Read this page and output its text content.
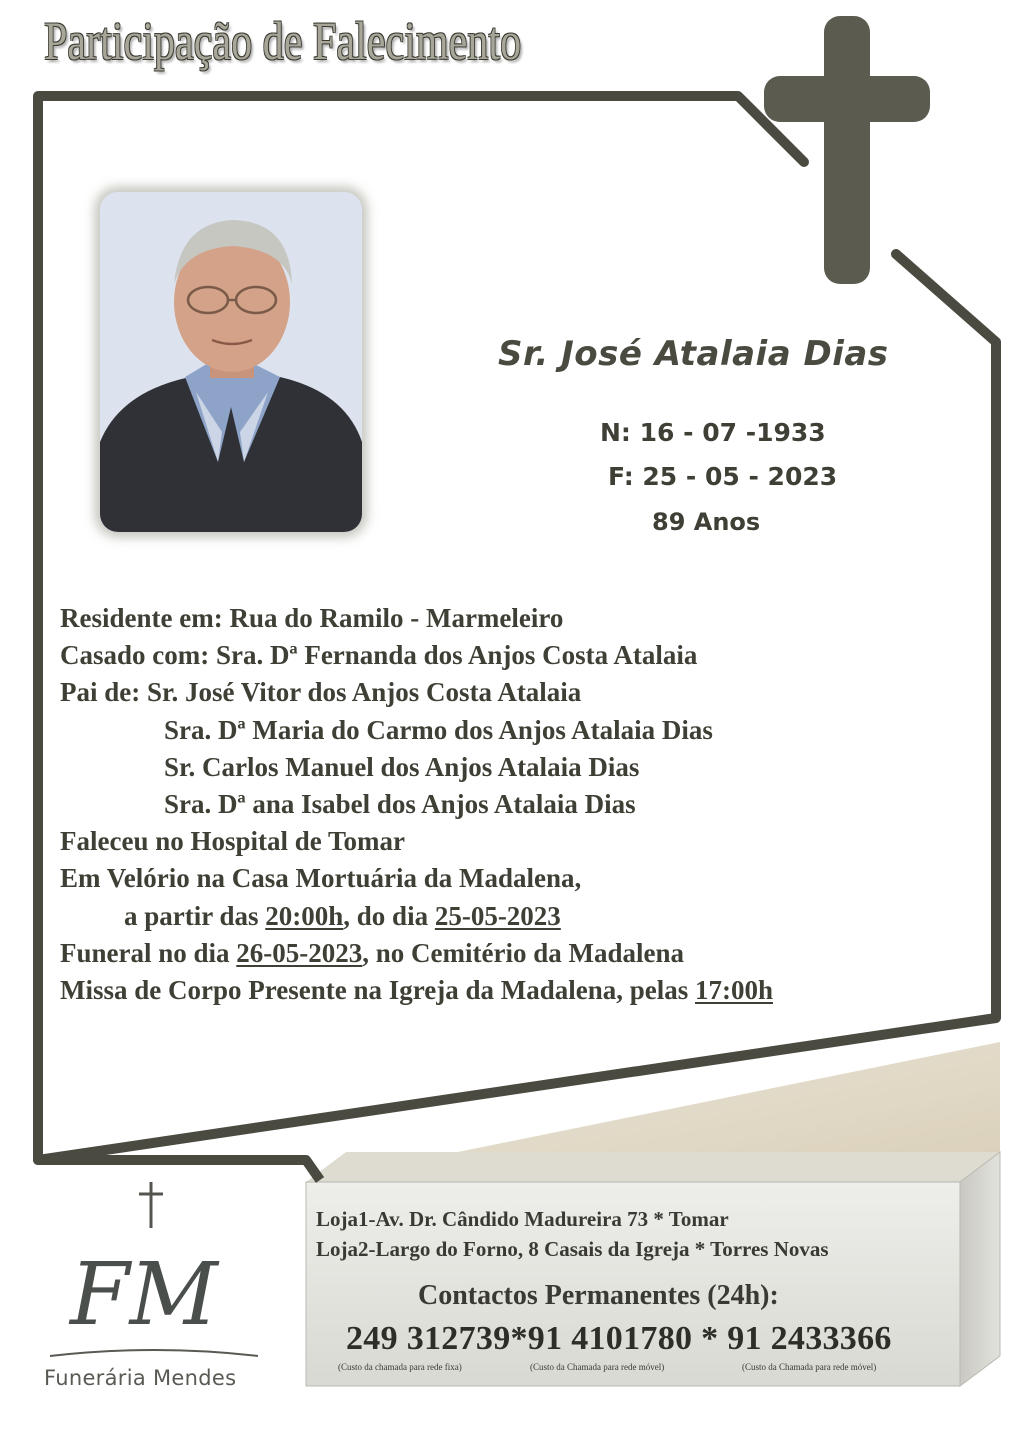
Participação de Falecimento
Sr. José Atalaia Dias
N: 16 - 07 -1933
F: 25 - 05 - 2023
89 Anos
Residente em: Rua do Ramilo - Marmeleiro
Casado com: Sra. Dª Fernanda dos Anjos Costa Atalaia
Pai de: Sr. José Vitor dos Anjos Costa Atalaia
Sra. Dª Maria do Carmo dos Anjos Atalaia Dias
Sr. Carlos Manuel dos Anjos Atalaia Dias
Sra. Dª ana Isabel dos Anjos Atalaia Dias
Faleceu no Hospital de Tomar
Em Velório na Casa Mortuária da Madalena,
a partir das 20:00h, do dia 25-05-2023
Funeral no dia 26-05-2023, no Cemitério da Madalena
Missa de Corpo Presente na Igreja da Madalena, pelas 17:00h
FM
Funerária Mendes
Loja1-Av. Dr. Cândido Madureira 73 * Tomar
Loja2-Largo do Forno, 8 Casais da Igreja * Torres Novas
Contactos Permanentes (24h):
249 312739*91 4101780 * 91 2433366
(Custo da chamada para rede fixa)	(Custo da Chamada para rede móvel)	(Custo da Chamada para rede móvel)
